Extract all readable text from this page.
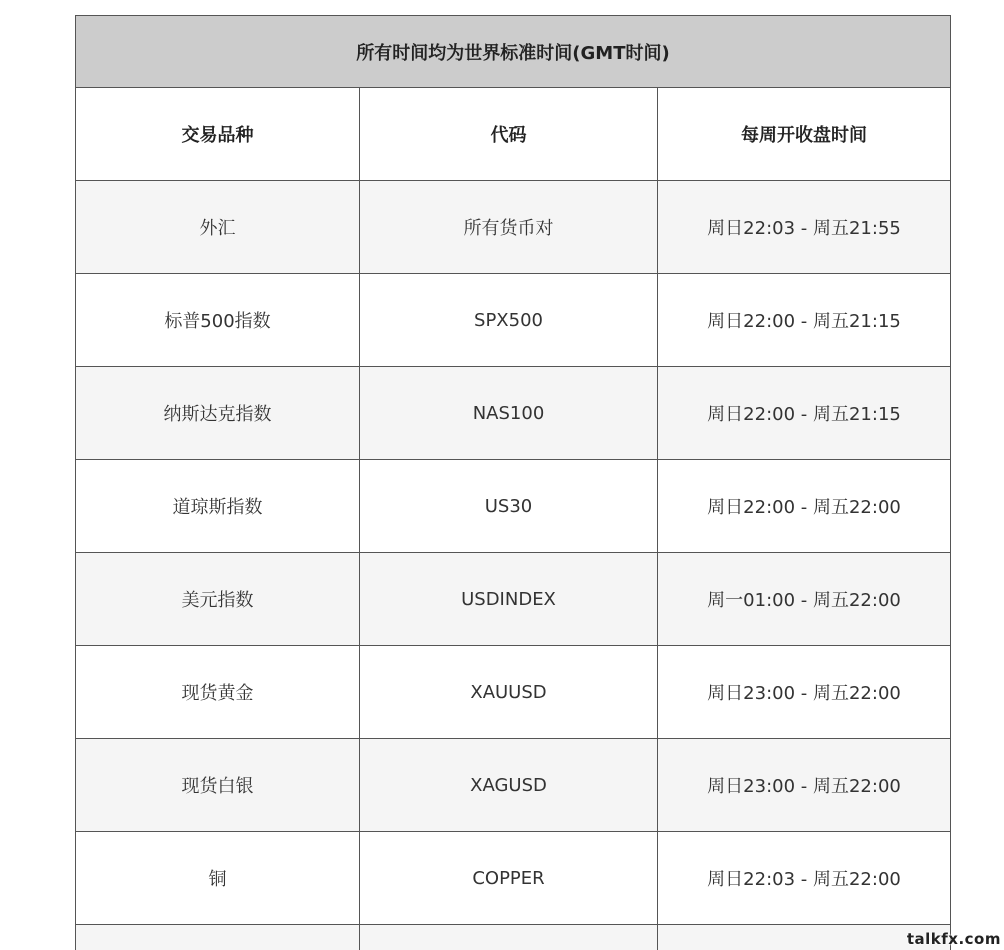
所有时间均为世界标准时间(GMT时间)		
交易品种	代码	每周开收盘时间
外汇	所有货币对	周日22:03 - 周五21:55
标普500指数	SPX500	周日22:00 - 周五21:15
纳斯达克指数	NAS100	周日22:00 - 周五21:15
道琼斯指数	US30	周日22:00 - 周五22:00
美元指数	USDINDEX	周一01:00 - 周五22:00
现货黄金	XAUUSD	周日23:00 - 周五22:00
现货白银	XAGUSD	周日23:00 - 周五22:00
铜	COPPER	周日22:03 - 周五22:00

talkfx.com
